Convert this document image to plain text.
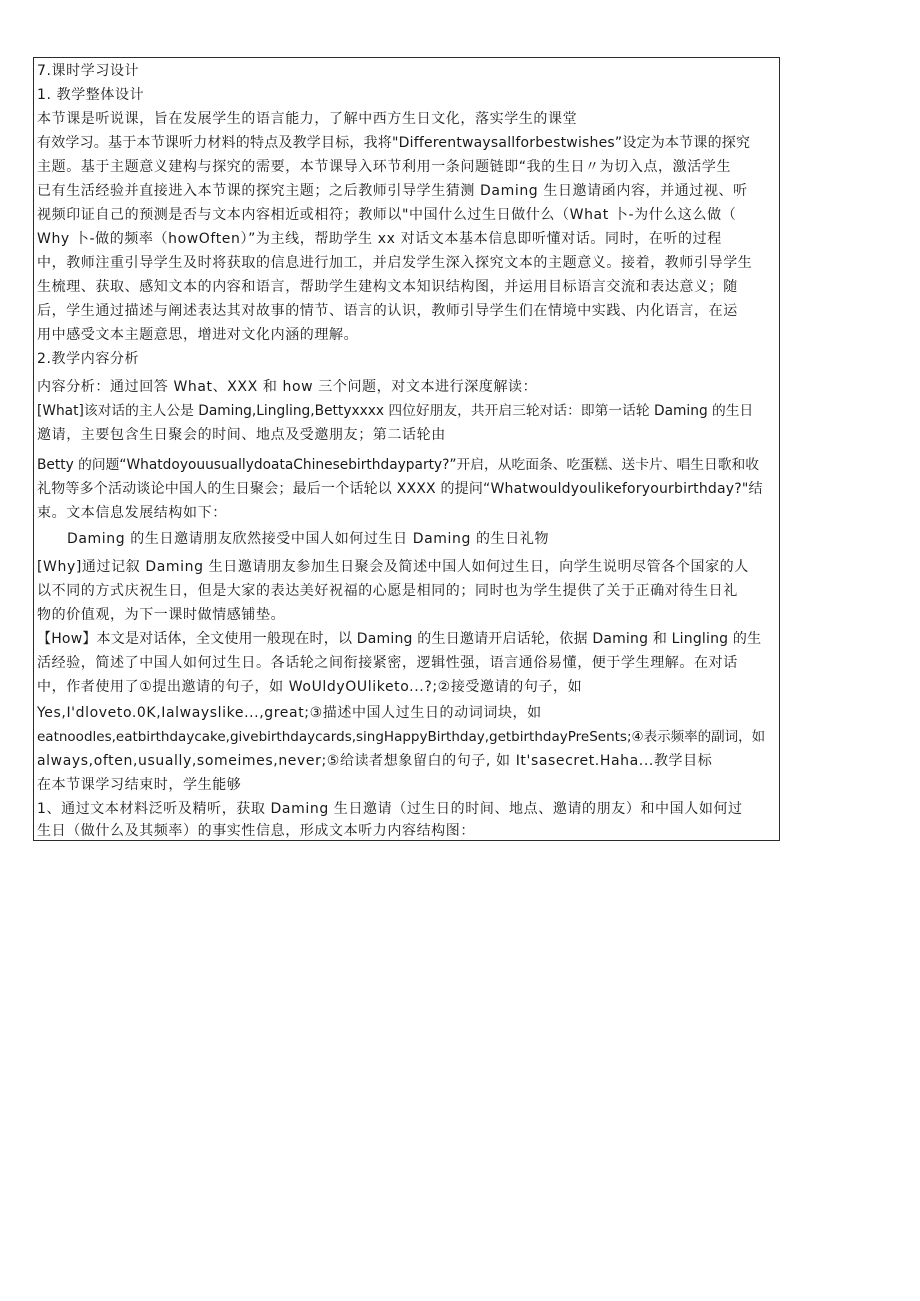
7.课时学习设计
1. 教学整体设计
本节课是听说课，旨在发展学生的语言能力，了解中西方生日文化，落实学生的课堂
有效学习。基于本节课听力材料的特点及教学目标，我将"Differentwaysallforbestwishes”设定为本节课的探究
主题。基于主题意义建构与探究的需要，本节课导入环节利用一条问题链即“我的生日〃为切入点，激活学生
已有生活经验并直接进入本节课的探究主题；之后教师引导学生猜测 Daming 生日邀请函内容，并通过视、听
视频印证自己的预测是否与文本内容相近或相符；教师以"中国什么过生日做什么（What 卜-为什么这么做（
Why 卜-做的频率（howOften）”为主线，帮助学生 xx 对话文本基本信息即听懂对话。同时，在听的过程
中，教师注重引导学生及时将获取的信息进行加工，并启发学生深入探究文本的主题意义。接着，教师引导学生
生梳理、获取、感知文本的内容和语言，帮助学生建构文本知识结构图，并运用目标语言交流和表达意义；随
后，学生通过描述与阐述表达其对故事的情节、语言的认识，教师引导学生们在情境中实践、内化语言，在运
用中感受文本主题意思，增进对文化内涵的理解。
2.教学内容分析
内容分析：通过回答 What、XXX 和 how 三个问题，对文本进行深度解读：
[What]该对话的主人公是 Daming,Lingling,Bettyxxxx 四位好朋友，共开启三轮对话：即第一话轮 Daming 的生日
邀请，主要包含生日聚会的时间、地点及受邀朋友；第二话轮由
Betty 的问题“WhatdoyouusuallydoataChinesebirthdayparty?”开启，从吃面条、吃蛋糕、送卡片、唱生日歌和收
礼物等多个活动谈论中国人的生日聚会；最后一个话轮以 XXXX 的提问“Whatwouldyoulikeforyourbirthday?"结
束。文本信息发展结构如下：
Daming 的生日邀请朋友欣然接受中国人如何过生日 Daming 的生日礼物
[Why]通过记叙 Daming 生日邀请朋友参加生日聚会及简述中国人如何过生日，向学生说明尽管各个国家的人
以不同的方式庆祝生日，但是大家的表达美好祝福的心愿是相同的；同时也为学生提供了关于正确对待生日礼
物的价值观，为下一课时做情感铺垫。
【How】本文是对话体，全文使用一般现在时，以 Daming 的生日邀请开启话轮，依据 Daming 和 Lingling 的生
活经验，简述了中国人如何过生日。各话轮之间衔接紧密，逻辑性强，语言通俗易懂，便于学生理解。在对话
中，作者使用了①提出邀请的句子，如 WoUldyOUliketo...?;②接受邀请的句子，如
Yes,I'dloveto.0K,Ialwayslike...,great;③描述中国人过生日的动词词块，如
eatnoodles,eatbirthdaycake,givebirthdaycards,singHappyBirthday,getbirthdayPreSents;④表示频率的副词，如
always,often,usually,someimes,never;⑤给读者想象留白的句子, 如 It'sasecret.Haha...教学目标
在本节课学习结束时，学生能够
1、通过文本材料泛听及精听，获取 Daming 生日邀请（过生日的时间、地点、邀请的朋友）和中国人如何过
生日（做什么及其频率）的事实性信息，形成文本听力内容结构图：
